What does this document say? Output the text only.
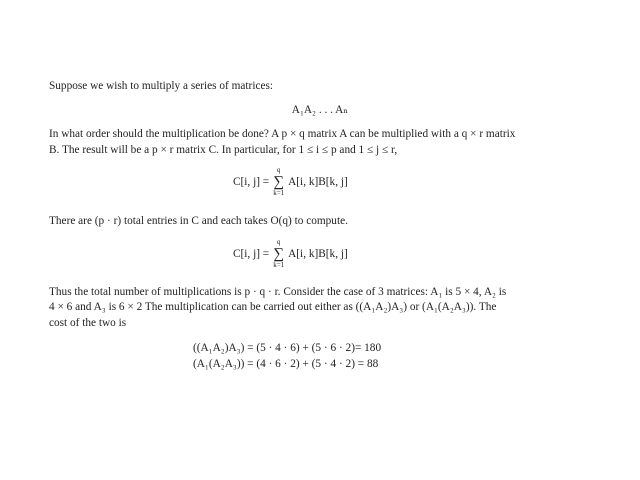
Suppose we wish to multiply a series of matrices:
A₁A₂ . . . Aₙ
In what order should the multiplication be done? A p × q matrix A can be multiplied with a q × r matrix
B. The result will be a p × r matrix C. In particular, for 1 ≤ i ≤ p and 1 ≤ j ≤ r,
C[i, j] =
q
∑
k=1
A[i, k]B[k, j]
There are (p · r) total entries in C and each takes O(q) to compute.
C[i, j] =
q
∑
k=1
A[i, k]B[k, j]
Thus the total number of multiplications is p · q · r. Consider the case of 3 matrices: A₁ is 5 × 4, A₂ is
4 × 6 and A₃ is 6 × 2 The multiplication can be carried out either as ((A₁A₂)A₃) or (A₁(A₂A₃)). The
cost of the two is
((A₁A₂)A₃) = (5 · 4 · 6) + (5 · 6 · 2)= 180
(A₁(A₂A₃)) = (4 · 6 · 2) + (5 · 4 · 2) = 88
